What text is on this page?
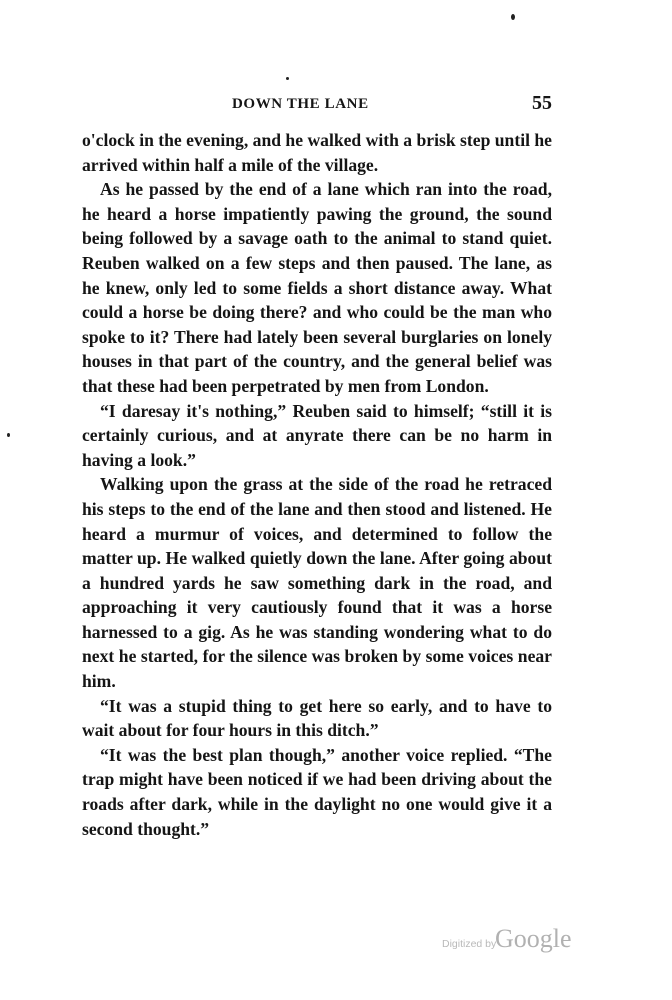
DOWN THE LANE	55

o'clock in the evening, and he walked with a brisk step until he arrived within half a mile of the village.

As he passed by the end of a lane which ran into the road, he heard a horse impatiently pawing the ground, the sound being followed by a savage oath to the animal to stand quiet. Reuben walked on a few steps and then paused. The lane, as he knew, only led to some fields a short distance away. What could a horse be doing there? and who could be the man who spoke to it? There had lately been several burglaries on lonely houses in that part of the country, and the general belief was that these had been perpetrated by men from London.

“I daresay it's nothing,” Reuben said to himself; “still it is certainly curious, and at anyrate there can be no harm in having a look.”

Walking upon the grass at the side of the road he retraced his steps to the end of the lane and then stood and listened. He heard a murmur of voices, and determined to follow the matter up. He walked quietly down the lane. After going about a hundred yards he saw something dark in the road, and approaching it very cautiously found that it was a horse harnessed to a gig. As he was standing wondering what to do next he started, for the silence was broken by some voices near him.

“It was a stupid thing to get here so early, and to have to wait about for four hours in this ditch.”

“It was the best plan though,” another voice replied. “The trap might have been noticed if we had been driving about the roads after dark, while in the daylight no one would give it a second thought.”

Digitized by
Google
